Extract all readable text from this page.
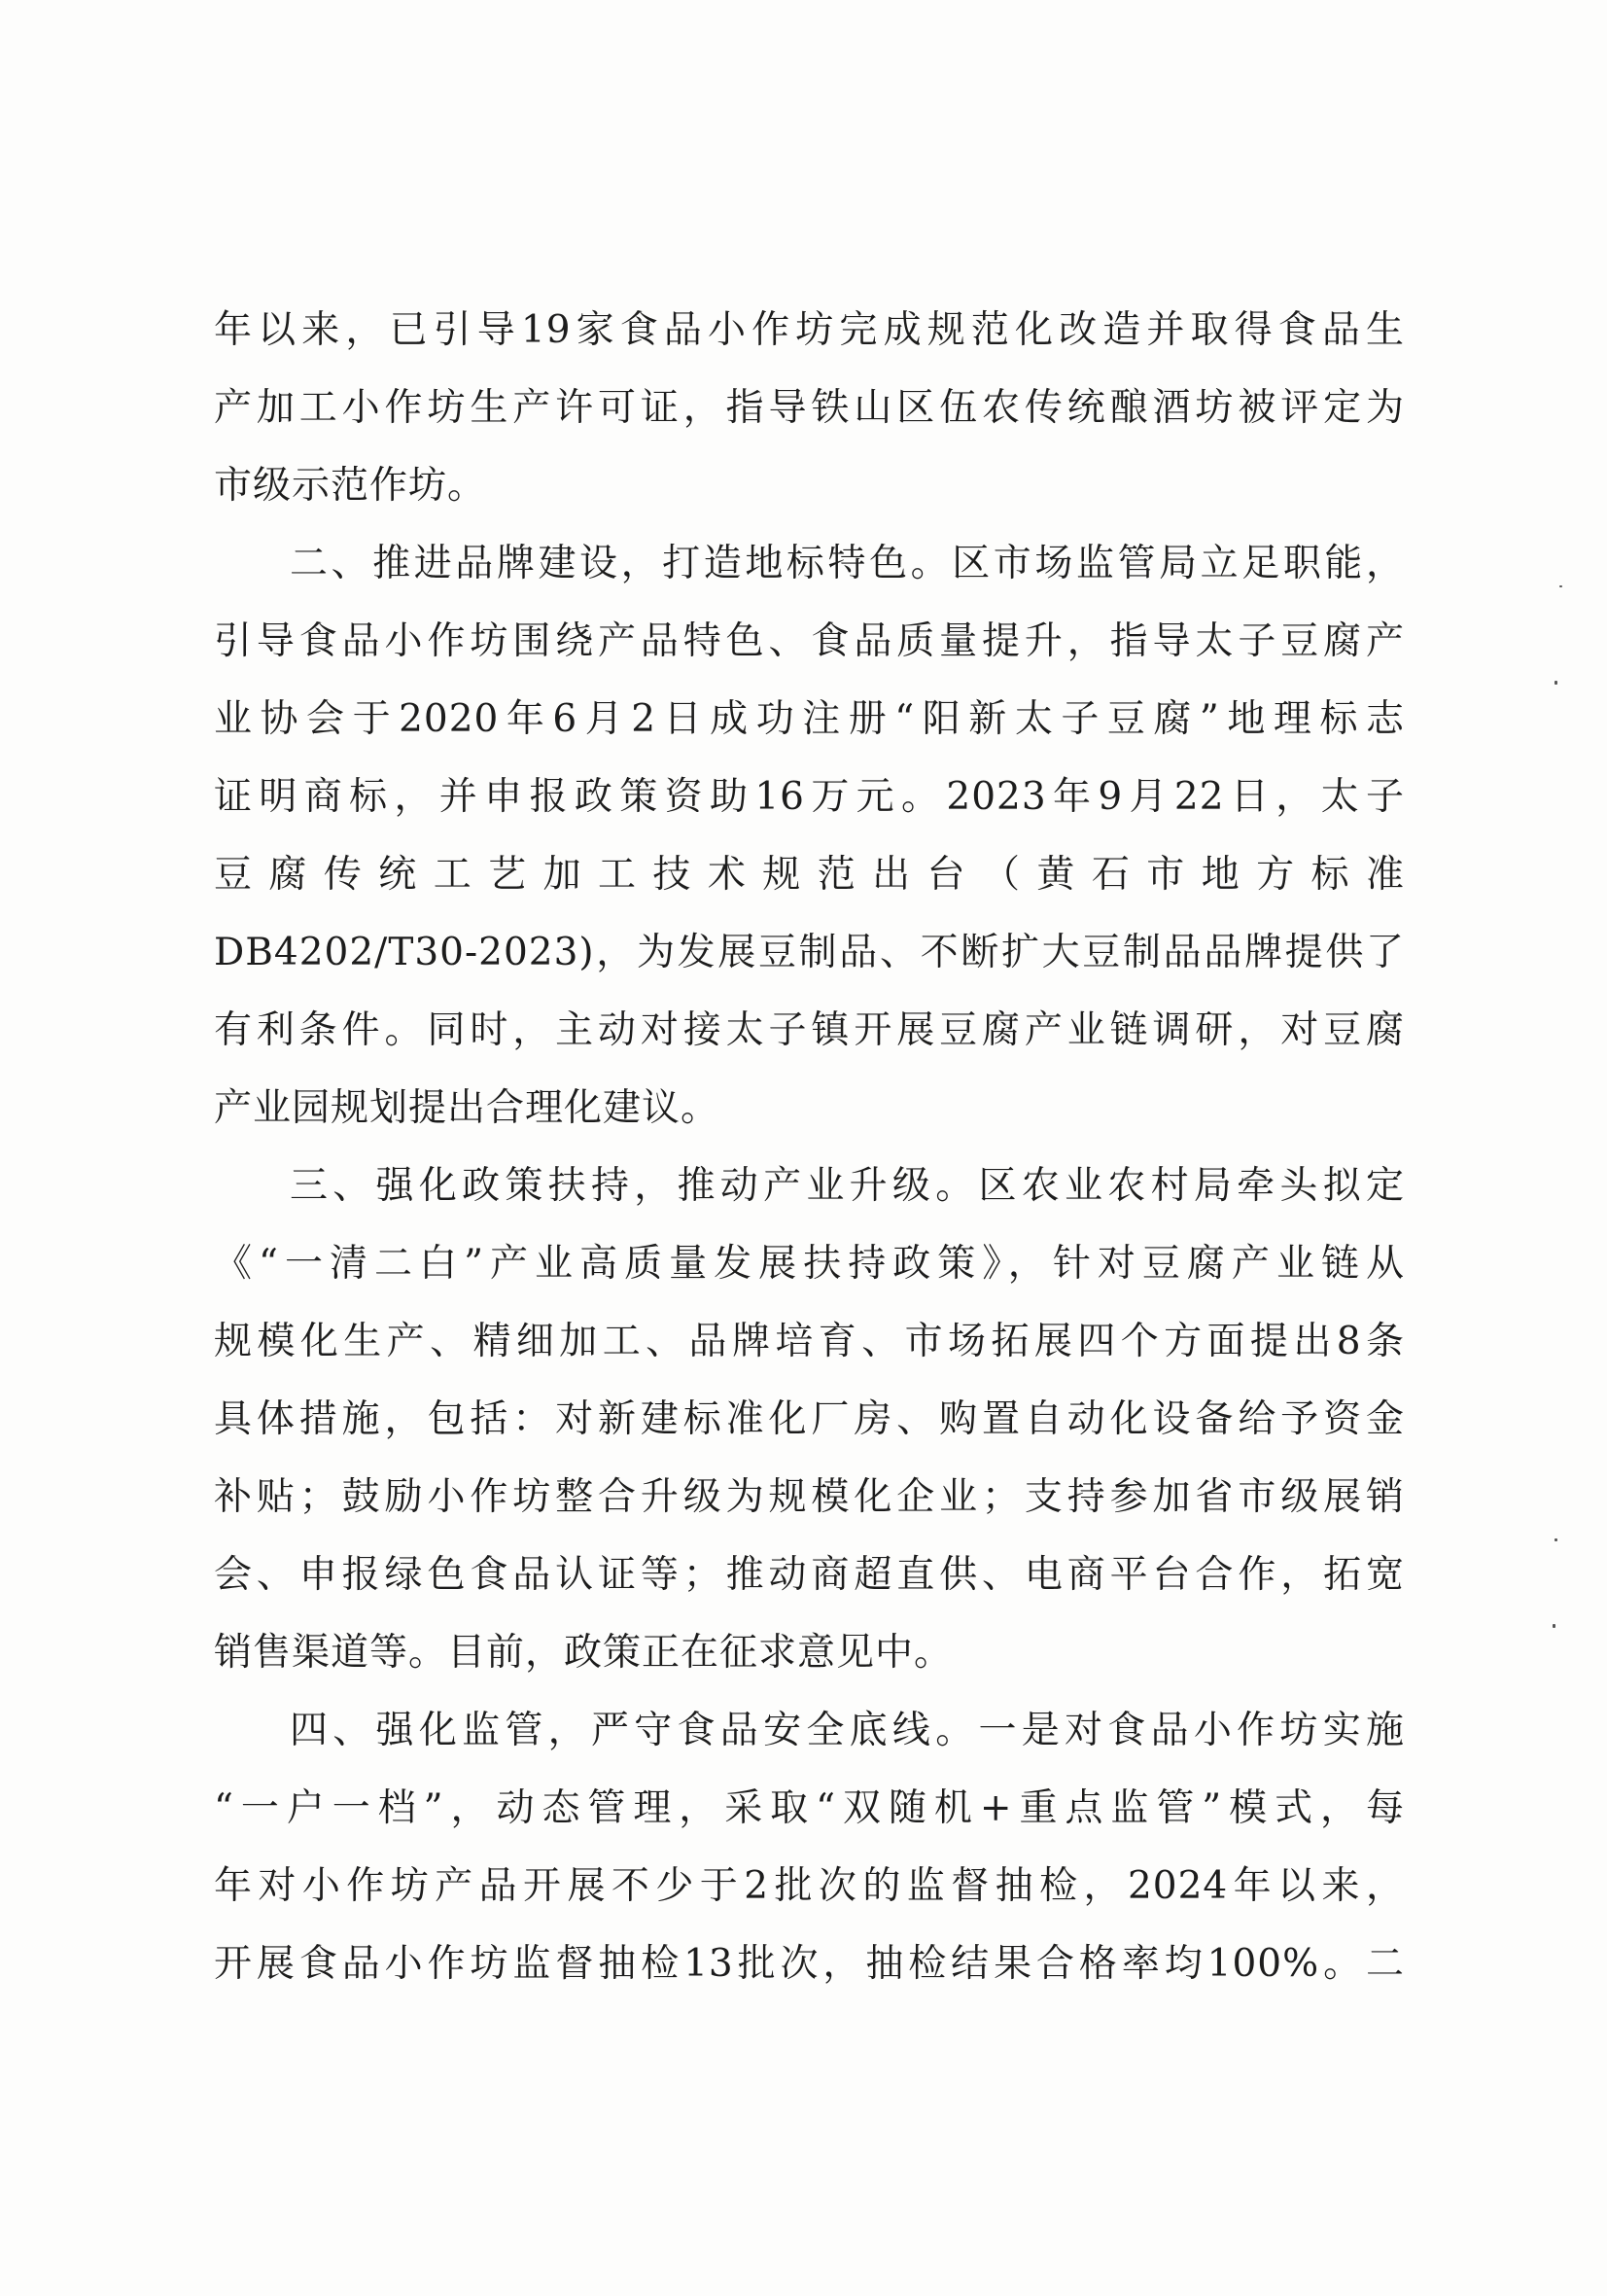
年以来，已引导19家食品小作坊完成规范化改造并取得食品生
产加工小作坊生产许可证，指导铁山区伍农传统酿酒坊被评定为
市级示范作坊。
二、推进品牌建设，打造地标特色。区市场监管局立足职能，
引导食品小作坊围绕产品特色、食品质量提升，指导太子豆腐产
业协会于2020年6月2日成功注册“阳新太子豆腐”地理标志
证明商标，并申报政策资助16万元。2023年9月22日，太子
豆腐传统工艺加工技术规范出台（黄石市地方标准
DB4202/T30-2023)，为发展豆制品、不断扩大豆制品品牌提供了
有利条件。同时，主动对接太子镇开展豆腐产业链调研，对豆腐
产业园规划提出合理化建议。
三、强化政策扶持，推动产业升级。区农业农村局牵头拟定
《“一清二白”产业高质量发展扶持政策》，针对豆腐产业链从
规模化生产、精细加工、品牌培育、市场拓展四个方面提出8条
具体措施，包括：对新建标准化厂房、购置自动化设备给予资金
补贴；鼓励小作坊整合升级为规模化企业；支持参加省市级展销
会、申报绿色食品认证等；推动商超直供、电商平台合作，拓宽
销售渠道等。目前，政策正在征求意见中。
四、强化监管，严守食品安全底线。一是对食品小作坊实施
“一户一档”，动态管理，采取“双随机+重点监管”模式，每
年对小作坊产品开展不少于2批次的监督抽检，2024年以来，
开展食品小作坊监督抽检13批次，抽检结果合格率均100%。二
